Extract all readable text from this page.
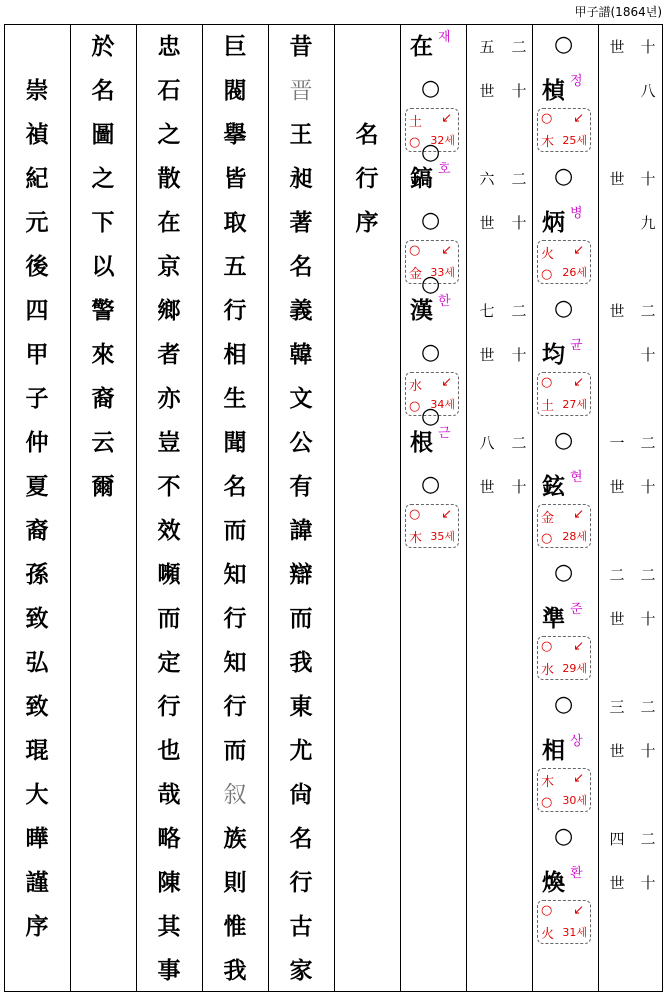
甲子譜(1864년)
崇
禎
紀
元
後
四
甲
子
仲
夏
裔
孫
致
弘
致
琨
大
曄
謹
序
於
名
圖
之
下
以
警
來
裔
云
爾
忠
石
之
散
在
京
鄉
者
亦
豈
不
效
嚬
而
定
行
也
哉
略
陳
其
事
巨
閥
擧
皆
取
五
行
相
生
聞
名
而
知
行
知
行
而
叙
族
則
惟
我
昔
晋
王
昶
著
名
義
韓
文
公
有
諱
辯
而
我
東
尤
尙
名
行
古
家
名
行
序
在 재
○
土 ↙
○ 32세
鎬 호
○
○ ↙
金 33세
漢 한
○
水 ↙
○ 34세
根 근
○
○ ↙
木 35세
○
○
○
五 二
世 十
六 二
世 十
七 二
世 十
八 二
世 十
○
楨 정
○ ↙
木 25세
○
炳 병
火 ↙
○ 26세
○
均 균
○ ↙
土 27세
○
鉉 현
金 ↙
○ 28세
○
準 준
○ ↙
水 29세
○
相 상
木 ↙
○ 30세
○
煥 환
○ ↙
火 31세
世 十
八
世 十
九
世 二
十
一 二
世 十
二 二
世 十
三 二
世 十
四 二
世 十
